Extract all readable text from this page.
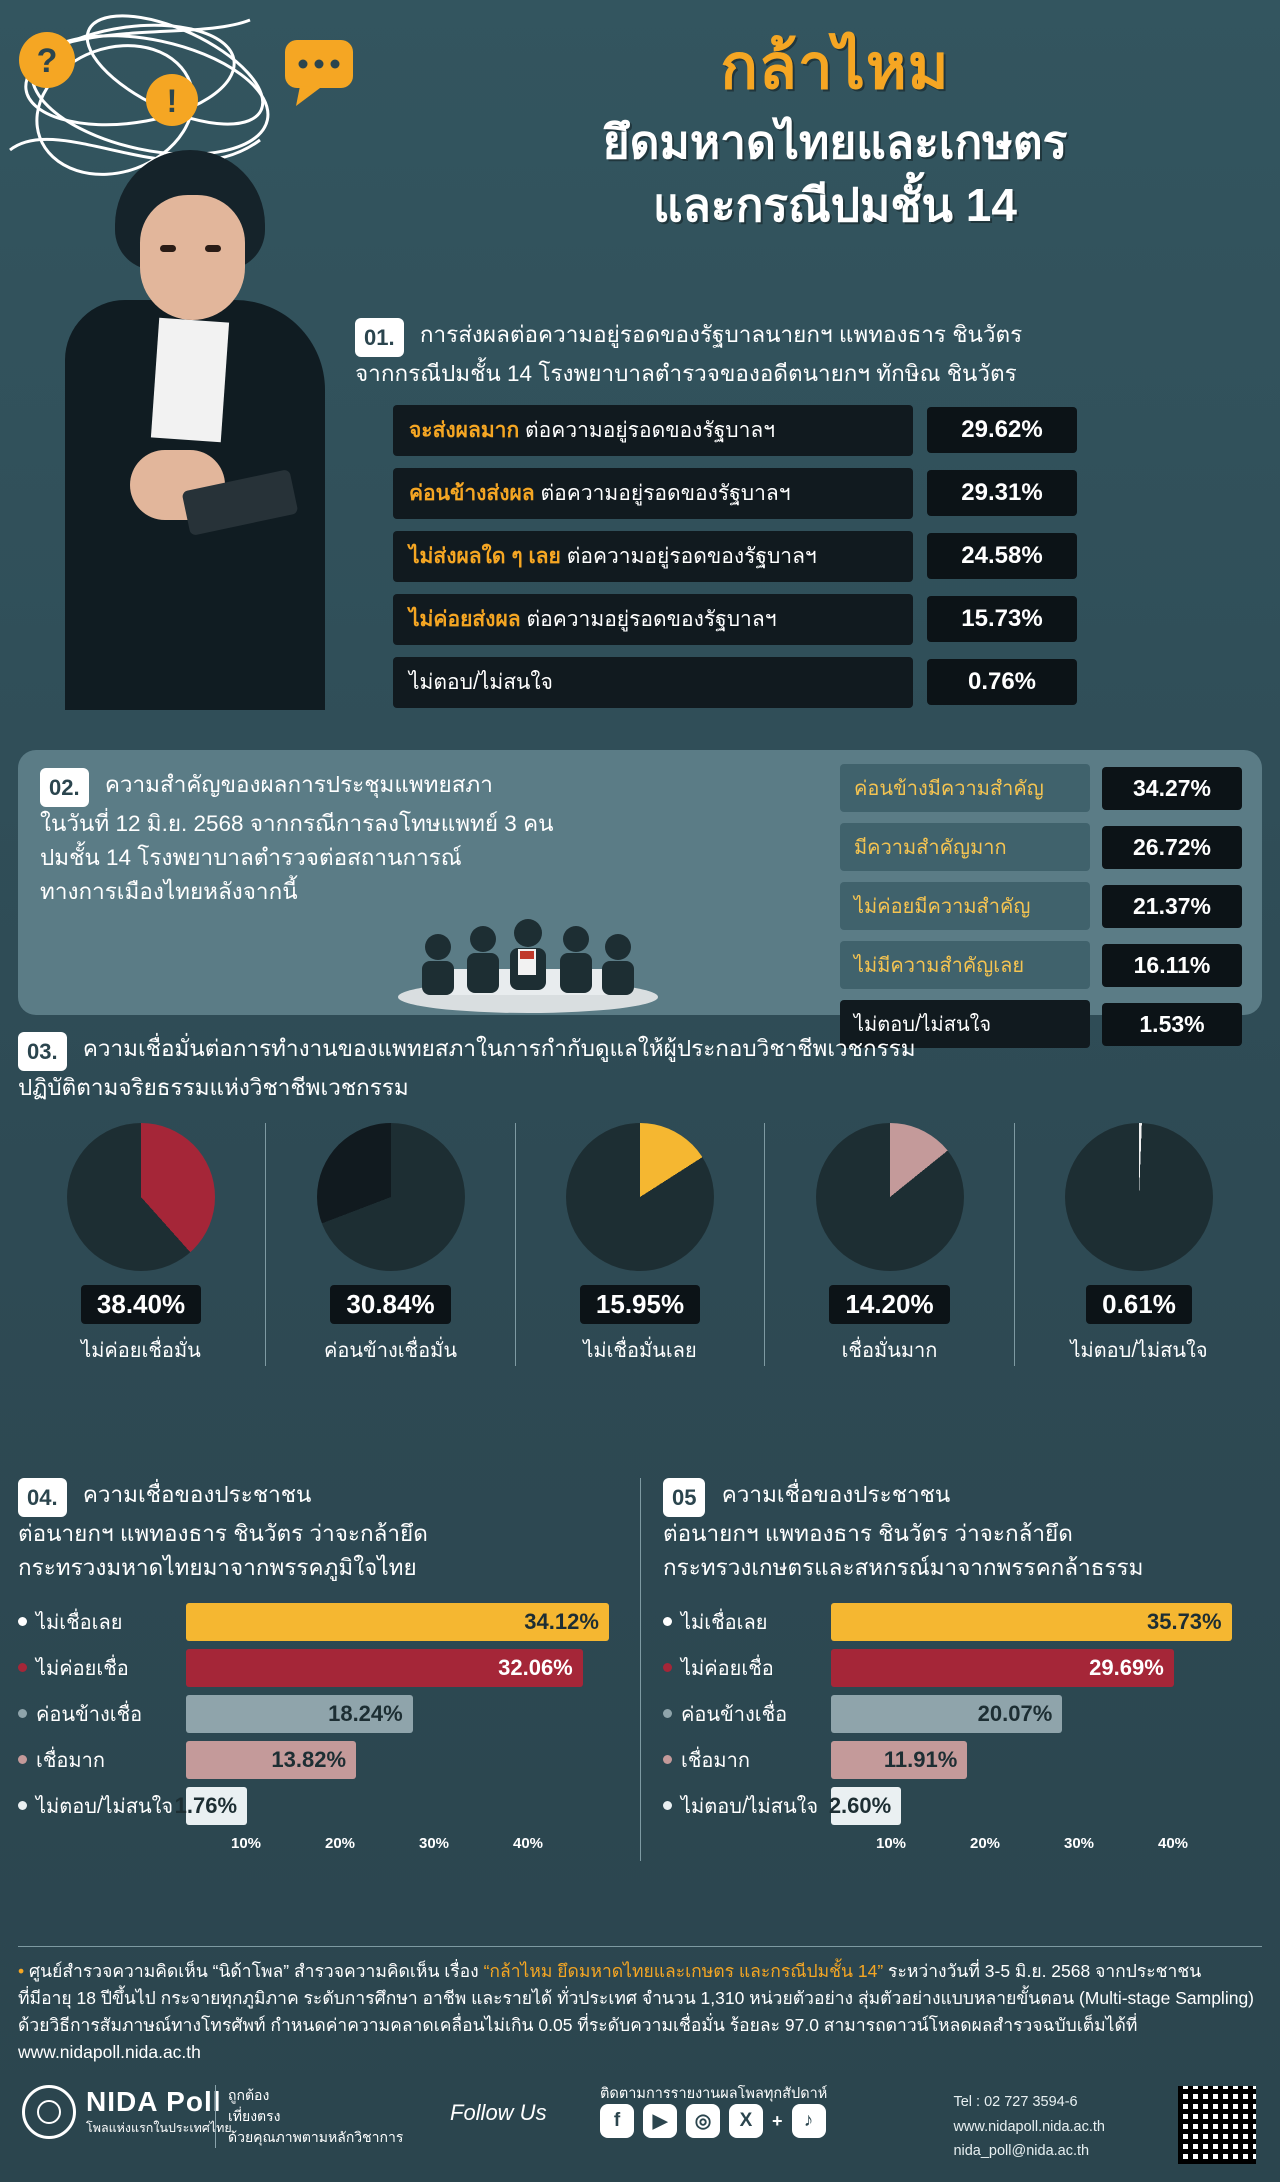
?
!	กล้าไหม
ยึดมหาดไทยและเกษตร
และกรณีปมชั้น 14
01. การส่งผลต่อความอยู่รอดของรัฐบาลนายกฯ แพทองธาร ชินวัตร
จากกรณีปมชั้น 14 โรงพยาบาลตำรวจของอดีตนายกฯ ทักษิณ ชินวัตร
จะส่งผลมาก ต่อความอยู่รอดของรัฐบาลฯ	29.62%
ค่อนข้างส่งผล ต่อความอยู่รอดของรัฐบาลฯ	29.31%
ไม่ส่งผลใด ๆ เลย ต่อความอยู่รอดของรัฐบาลฯ	24.58%
ไม่ค่อยส่งผล ต่อความอยู่รอดของรัฐบาลฯ	15.73%
ไม่ตอบ/ไม่สนใจ	0.76%
02. ความสำคัญของผลการประชุมแพทยสภา
ในวันที่ 12 มิ.ย. 2568 จากกรณีการลงโทษแพทย์ 3 คน
ปมชั้น 14 โรงพยาบาลตำรวจต่อสถานการณ์
ทางการเมืองไทยหลังจากนี้
ค่อนข้างมีความสำคัญ	34.27%
มีความสำคัญมาก	26.72%
ไม่ค่อยมีความสำคัญ	21.37%
ไม่มีความสำคัญเลย	16.11%
ไม่ตอบ/ไม่สนใจ	1.53%
03. ความเชื่อมั่นต่อการทำงานของแพทยสภาในการกำกับดูแลให้ผู้ประกอบวิชาชีพเวชกรรม
ปฏิบัติตามจริยธรรมแห่งวิชาชีพเวชกรรม
38.40%
ไม่ค่อยเชื่อมั่น
30.84%
ค่อนข้างเชื่อมั่น
15.95%
ไม่เชื่อมั่นเลย
14.20%
เชื่อมั่นมาก
0.61%
ไม่ตอบ/ไม่สนใจ
04. ความเชื่อของประชาชน
ต่อนายกฯ แพทองธาร ชินวัตร ว่าจะกล้ายึด
กระทรวงมหาดไทยมาจากพรรคภูมิใจไทย
ไม่เชื่อเลย	34.12%
ไม่ค่อยเชื่อ	32.06%
ค่อนข้างเชื่อ	18.24%
เชื่อมาก	13.82%
ไม่ตอบ/ไม่สนใจ 1.76%
10%	20%	30%	40%
05 ความเชื่อของประชาชน
ต่อนายกฯ แพทองธาร ชินวัตร ว่าจะกล้ายึด
กระทรวงเกษตรและสหกรณ์มาจากพรรคกล้าธรรม
ไม่เชื่อเลย	35.73%
ไม่ค่อยเชื่อ	29.69%
ค่อนข้างเชื่อ	20.07%
เชื่อมาก	11.91%
ไม่ตอบ/ไม่สนใจ 2.60%
10%	20%	30%	40%
• ศูนย์สำรวจความคิดเห็น “นิด้าโพล” สำรวจความคิดเห็น เรื่อง “กล้าไหม ยึดมหาดไทยและเกษตร และกรณีปมชั้น 14” ระหว่างวันที่ 3-5 มิ.ย. 2568 จากประชาชน
ที่มีอายุ 18 ปีขึ้นไป กระจายทุกภูมิภาค ระดับการศึกษา อาชีพ และรายได้ ทั่วประเทศ จำนวน 1,310 หน่วยตัวอย่าง สุ่มตัวอย่างแบบหลายขั้นตอน (Multi-stage Sampling)
ด้วยวิธีการสัมภาษณ์ทางโทรศัพท์ กำหนดค่าความคลาดเคลื่อนไม่เกิน 0.05 ที่ระดับความเชื่อมั่น ร้อยละ 97.0 สามารถดาวน์โหลดผลสำรวจฉบับเต็มได้ที่
www.nidapoll.nida.ac.th
NIDA Poll
โพลแห่งแรกในประเทศไทย
ถูกต้อง
เที่ยงตรง
ด้วยคุณภาพตามหลักวิชาการ
Follow Us
ติดตามการรายงานผลโพลทุกสัปดาห์
f	▶	◎	X	+	♪
Tel : 02 727 3594-6
www.nidapoll.nida.ac.th
nida_poll@nida.ac.th
